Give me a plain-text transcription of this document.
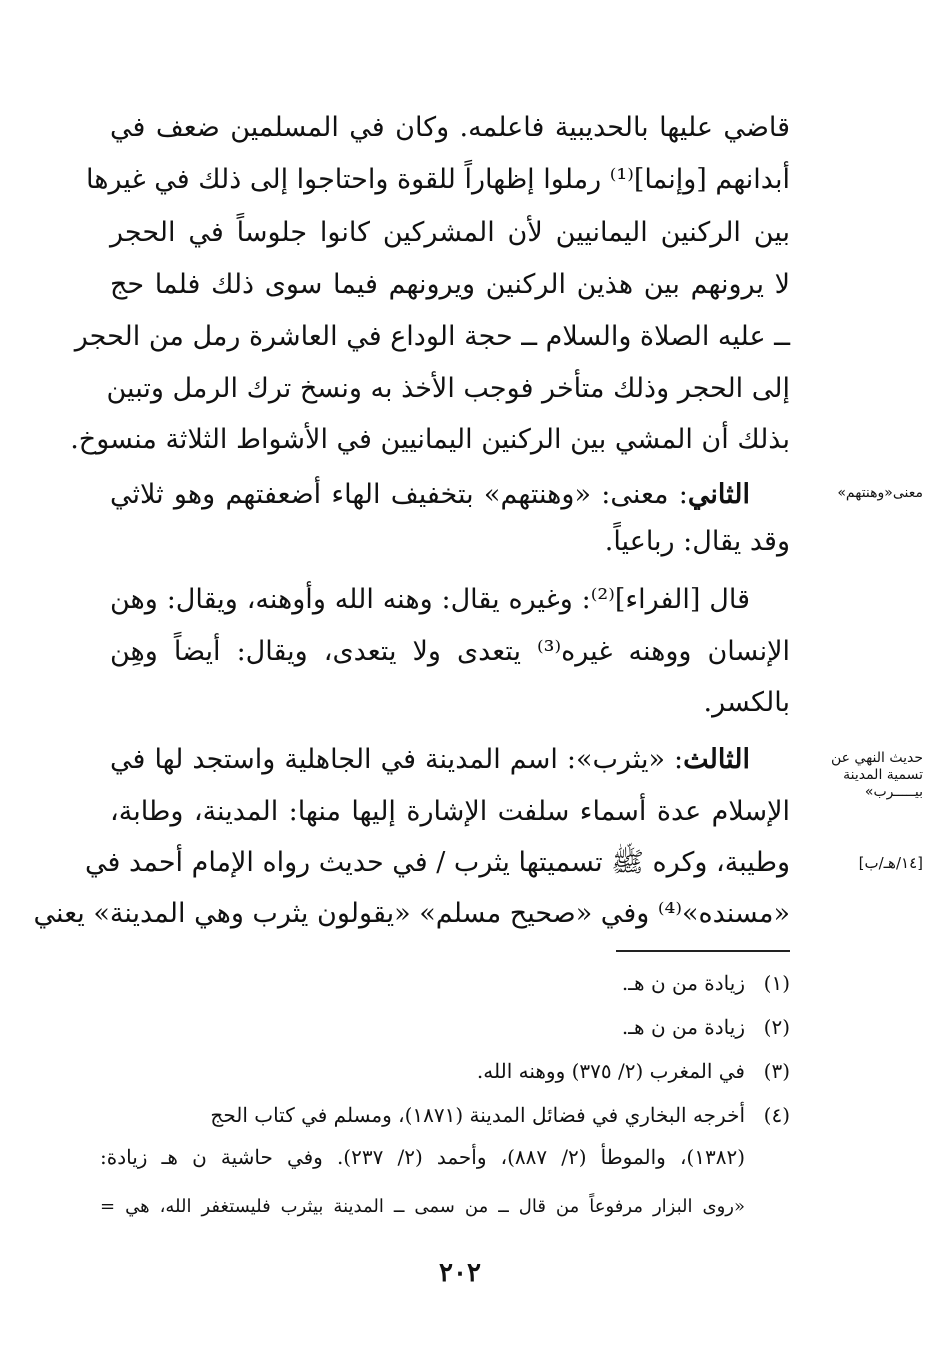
قاضي عليها بالحديبية فاعلمه. وكان في المسلمين ضعف في
أبدانهم [وإنما]⁽¹⁾ رملوا إظهاراً للقوة واحتاجوا إلى ذلك في غيرها
بين الركنين اليمانيين لأن المشركين كانوا جلوساً في الحجر
لا يرونهم بين هذين الركنين ويرونهم فيما سوى ذلك فلما حج
ــ عليه الصلاة والسلام ــ حجة الوداع في العاشرة رمل من الحجر
إلى الحجر وذلك متأخر فوجب الأخذ به ونسخ ترك الرمل وتبين
بذلك أن المشي بين الركنين اليمانيين في الأشواط الثلاثة منسوخ.
معنى«وهنتهم»
الثاني: معنى: «وهنتهم» بتخفيف الهاء أضعفتهم وهو ثلاثي
وقد يقال: رباعياً.
قال [الفراء]⁽²⁾: وغيره يقال: وهنه الله وأوهنه، ويقال: وهن
الإنسان ووهنه غيره⁽³⁾ يتعدى ولا يتعدى، ويقال: أيضاً وهِن
بالكسر.
حديث النهي عن
تسمية المدينة
بيـــــرب»
[١٤/هـ/ب]
الثالث: «يثرب»: اسم المدينة في الجاهلية واستجد لها في
الإسلام عدة أسماء سلفت الإشارة إليها منها: المدينة، وطابة،
وطيبة، وكره ﷺ تسميتها يثرب / في حديث رواه الإمام أحمد في
«مسنده»⁽⁴⁾ وفي «صحيح مسلم» «يقولون يثرب وهي المدينة» يعني
(١)زيادة من ن هـ.
(٢)زيادة من ن هـ.
(٣)في المغرب (٢/ ٣٧٥) ووهنه الله.
(٤)أخرجه البخاري في فضائل المدينة (١٨٧١)، ومسلم في كتاب الحج
(١٣٨٢)، والموطأ (٢/ ٨٨٧)، وأحمد (٢/ ٢٣٧). وفي حاشية ن هـ زيادة:
«روى البزار مرفوعاً من قال ــ من سمى ــ المدينة بيثرب فليستغفر الله، هي =
٢٠٢
